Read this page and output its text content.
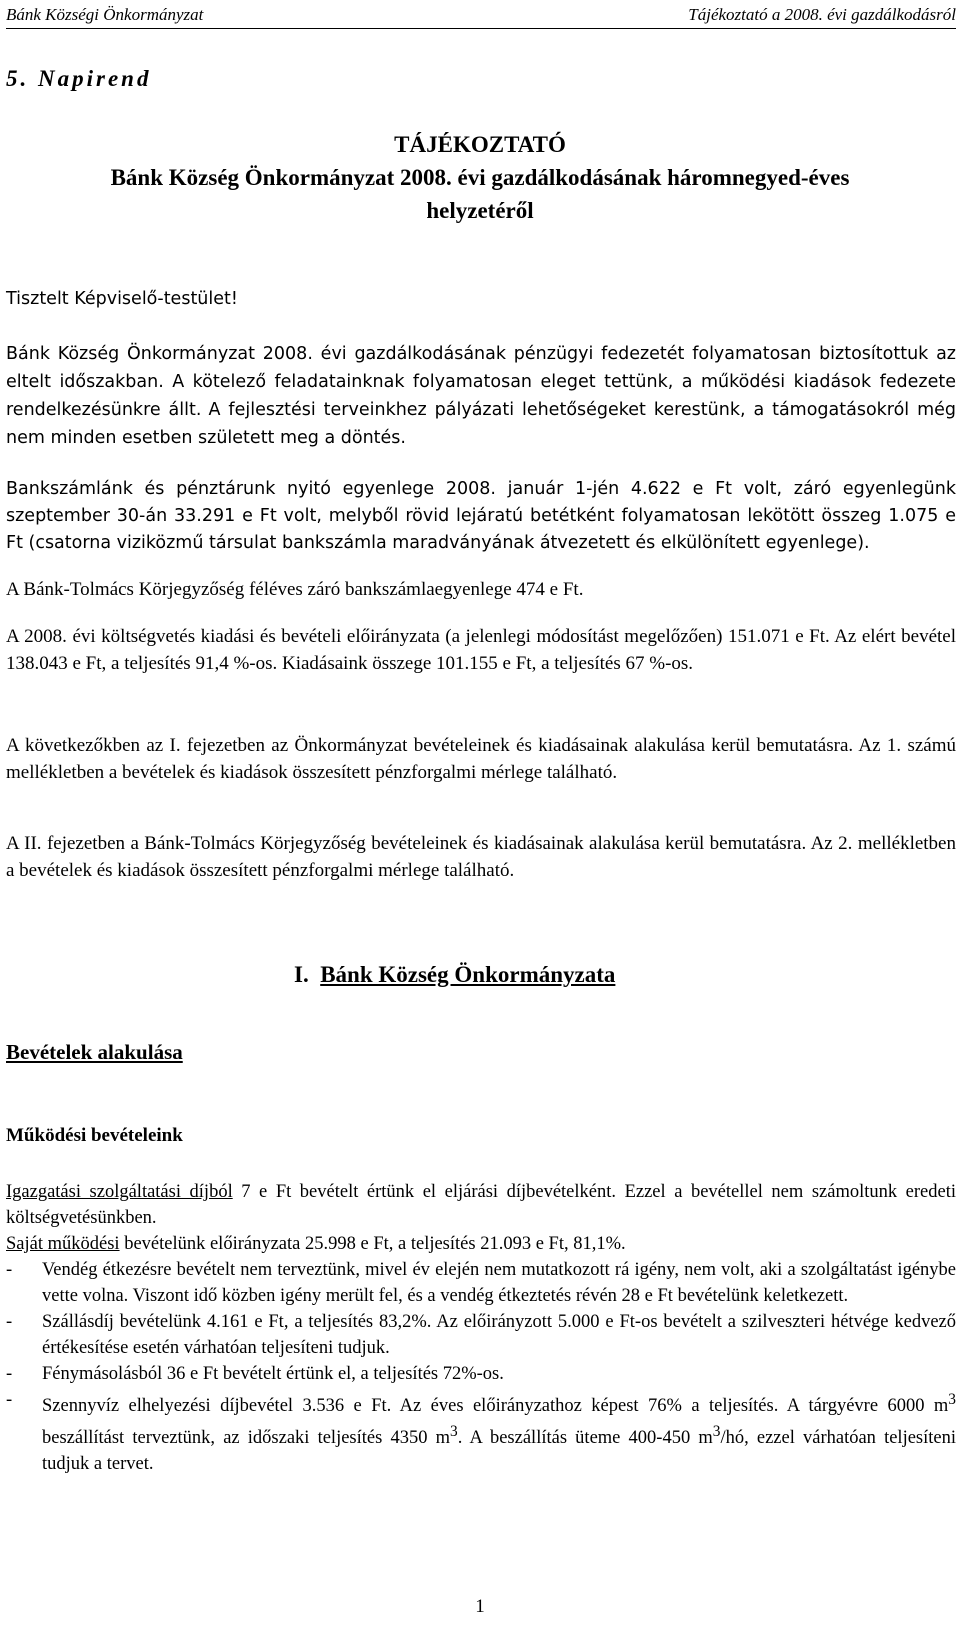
Bánk Községi Önkormányzat	Tájékoztató a 2008. évi gazdálkodásról
5. Napirend
TÁJÉKOZTATÓ
Bánk Község Önkormányzat 2008. évi gazdálkodásának háromnegyed-éves
helyzetéről
Tisztelt Képviselő-testület!

Bánk Község Önkormányzat 2008. évi gazdálkodásának pénzügyi fedezetét folyamatosan biztosítottuk az eltelt időszakban. A kötelező feladatainknak folyamatosan eleget tettünk, a működési kiadások fedezete rendelkezésünkre állt. A fejlesztési terveinkhez pályázati lehetőségeket kerestünk, a támogatásokról még nem minden esetben született meg a döntés.

Bankszámlánk és pénztárunk nyitó egyenlege 2008. január 1-jén 4.622 e Ft volt, záró egyenlegünk szeptember 30-án 33.291 e Ft volt, melyből rövid lejáratú betétként folyamatosan lekötött összeg 1.075 e Ft (csatorna viziközmű társulat bankszámla maradványának átvezetett és elkülönített egyenlege).

A Bánk-Tolmács Körjegyzőség féléves záró bankszámlaegyenlege 474 e Ft.
A 2008. évi költségvetés kiadási és bevételi előirányzata (a jelenlegi módosítást megelőzően) 151.071 e Ft. Az elért bevétel 138.043 e Ft, a teljesítés 91,4 %-os. Kiadásaink összege 101.155 e Ft, a teljesítés 67 %-os.
A következőkben az I. fejezetben az Önkormányzat bevételeinek és kiadásainak alakulása kerül bemutatásra. Az 1. számú mellékletben a bevételek és kiadások összesített pénzforgalmi mérlege található.
A II. fejezetben a Bánk-Tolmács Körjegyzőség bevételeinek és kiadásainak alakulása kerül bemutatásra. Az 2. mellékletben a bevételek és kiadások összesített pénzforgalmi mérlege található.
I. Bánk Község Önkormányzata
Bevételek alakulása
Működési bevételeink

Igazgatási szolgáltatási díjból 7 e Ft bevételt értünk el eljárási díjbevételként. Ezzel a bevétellel nem számoltunk eredeti költségvetésünkben.

Saját működési bevételünk előirányzata 25.998 e Ft, a teljesítés 21.093 e Ft, 81,1%.

- Vendég étkezésre bevételt nem terveztünk, mivel év elején nem mutatkozott rá igény, nem volt, aki a szolgáltatást igénybe vette volna. Viszont idő közben igény merült fel, és a vendég étkeztetés révén 28 e Ft bevételünk keletkezett.
- Szállásdíj bevételünk 4.161 e Ft, a teljesítés 83,2%. Az előirányzott 5.000 e Ft-os bevételt a szilveszteri hétvége kedvező értékesítése esetén várhatóan teljesíteni tudjuk.
- Fénymásolásból 36 e Ft bevételt értünk el, a teljesítés 72%-os.
- Szennyvíz elhelyezési díjbevétel 3.536 e Ft. Az éves előirányzathoz képest 76% a teljesítés. A tárgyévre 6000 $m^3$ beszállítást terveztünk, az időszaki teljesítés 4350 $m^3$. A beszállítás üteme 400-450 $m^3/hó$, ezzel várhatóan teljesíteni tudjuk a tervet.
1
